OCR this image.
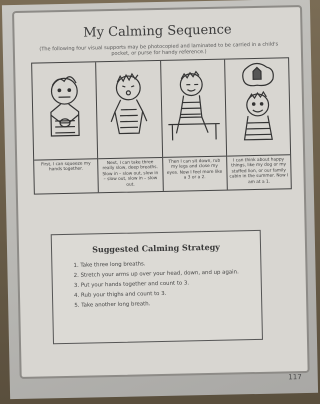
My Calming Sequence
(The following four visual supports may be photocopied and laminated to be carried in a child's pocket, or purse for handy reference.)
First, I can squeeze my hands together.
Next, I can take three really slow, deep breaths. Slow in – slow out, slow in – slow out, slow in – slow out.
Then I can sit down, rub my legs and close my eyes. Now I feel more like a 3 or a 2.
I can think about happy things, like my dog or my stuffed lion, or our family cabin in the summer. Now I am at a 1.
Suggested Calming Strategy
1. Take three long breaths.
2. Stretch your arms up over your head, down, and up again.
3. Put your hands together and count to 3.
4. Rub your thighs and count to 3.
5. Take another long breath.
117
